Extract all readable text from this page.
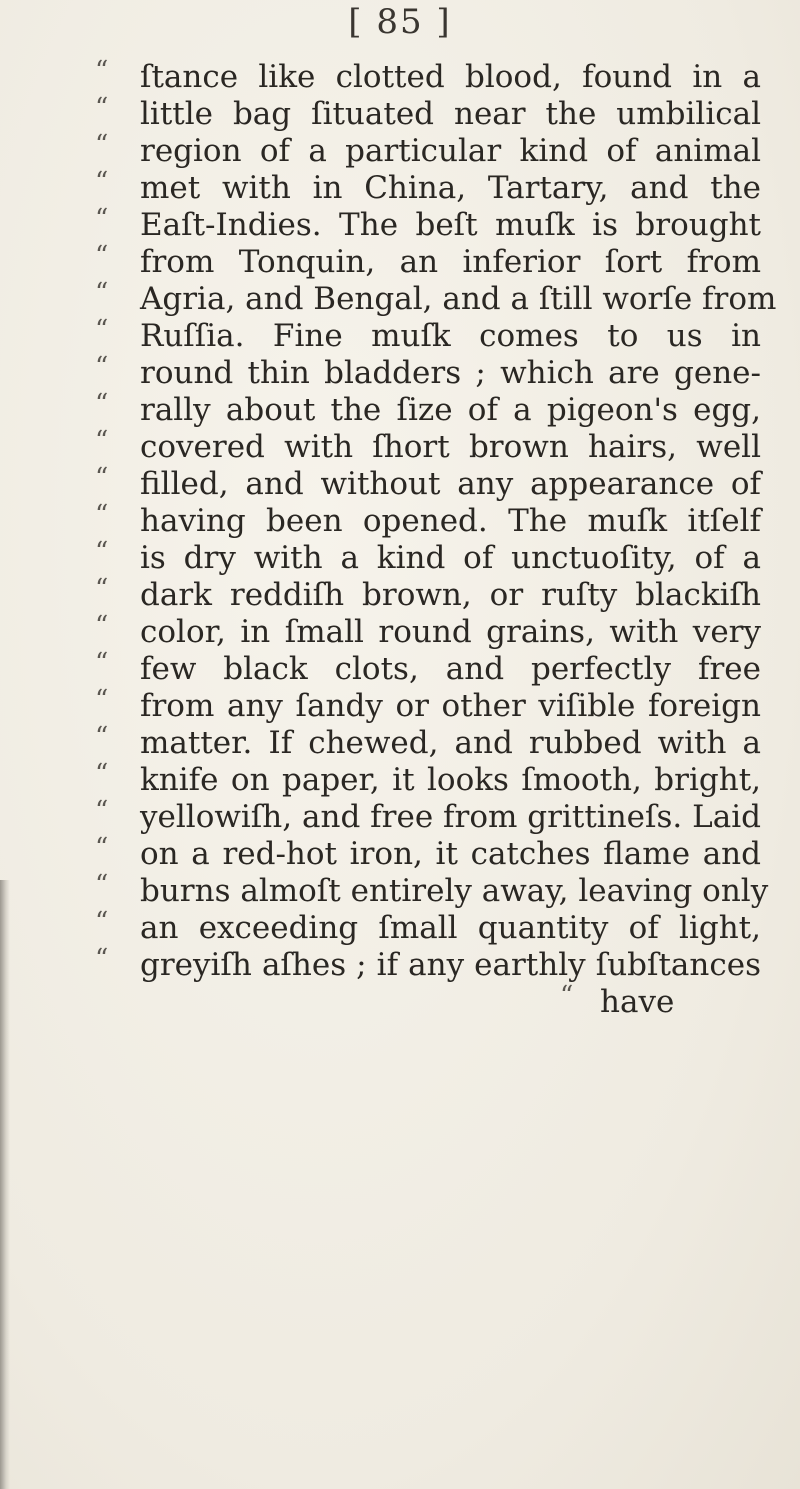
[ 85 ]
“ ſtance like clotted blood, found in a
“ little bag ſituated near the umbilical
“ region of a particular kind of animal
“ met with in China, Tartary, and the
“ Eaſt-Indies. The beſt muſk is brought
“ from Tonquin, an inferior ſort from
“ Agria, and Bengal, and a ſtill worſe from
“ Ruſſia. Fine muſk comes to us in
“ round thin bladders ; which are gene-
“ rally about the ſize of a pigeon's egg,
“ covered with ſhort brown hairs, well
“ filled, and without any appearance of
“ having been opened. The muſk itſelf
“ is dry with a kind of unctuoſity, of a
“ dark reddiſh brown, or ruſty blackiſh
“ color, in ſmall round grains, with very
“ few black clots, and perfectly free
“ from any ſandy or other viſible foreign
“ matter. If chewed, and rubbed with a
“ knife on paper, it looks ſmooth, bright,
“ yellowiſh, and free from grittineſs. Laid
“ on a red-hot iron, it catches flame and
“ burns almoſt entirely away, leaving only
“ an exceeding ſmall quantity of light,
“ greyiſh aſhes ; if any earthly ſubſtances
“ have
